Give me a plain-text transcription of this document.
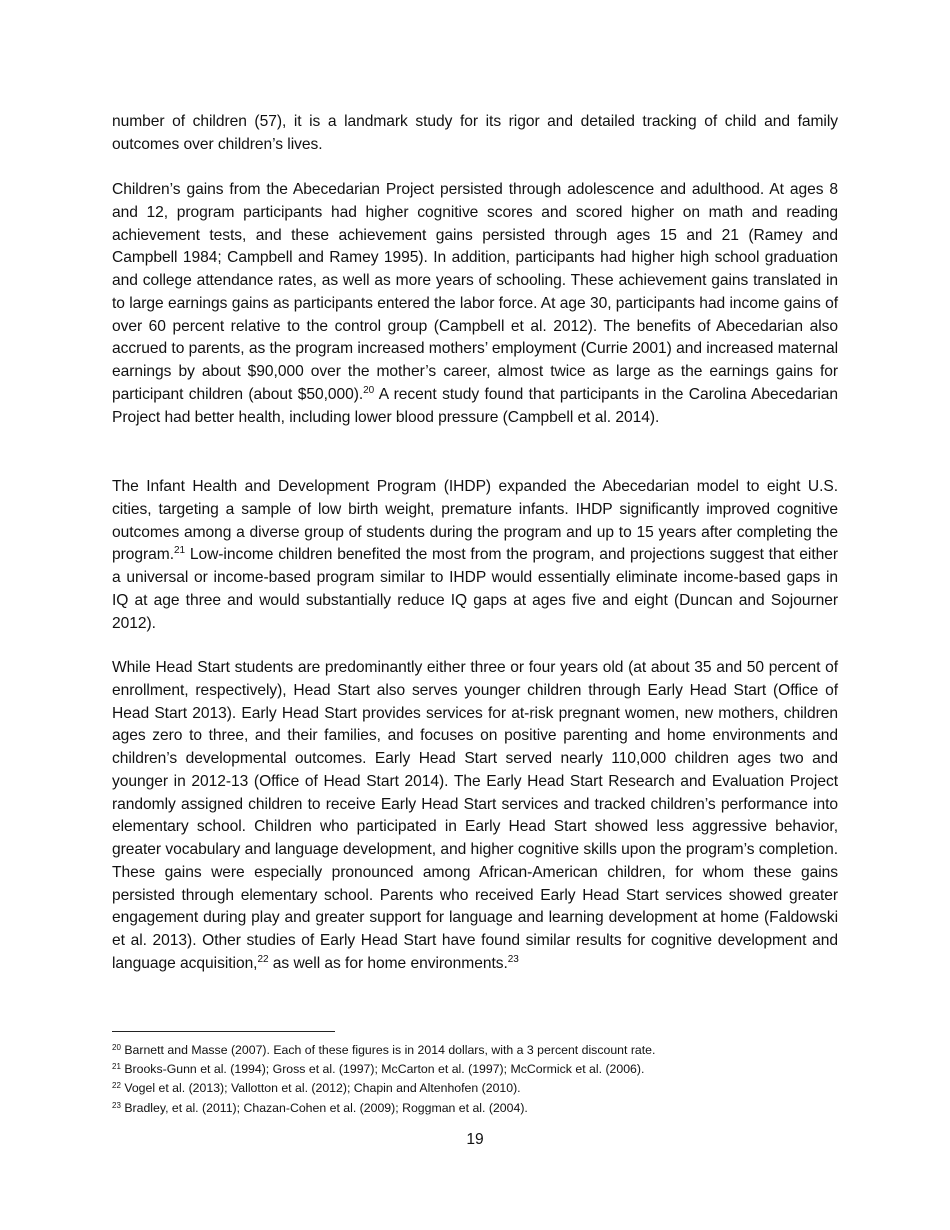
number of children (57), it is a landmark study for its rigor and detailed tracking of child and family outcomes over children’s lives.

Children’s gains from the Abecedarian Project persisted through adolescence and adulthood. At ages 8 and 12, program participants had higher cognitive scores and scored higher on math and reading achievement tests, and these achievement gains persisted through ages 15 and 21 (Ramey and Campbell 1984; Campbell and Ramey 1995). In addition, participants had higher high school graduation and college attendance rates, as well as more years of schooling. These achievement gains translated in to large earnings gains as participants entered the labor force. At age 30, participants had income gains of over 60 percent relative to the control group (Campbell et al. 2012). The benefits of Abecedarian also accrued to parents, as the program increased mothers’ employment (Currie 2001) and increased maternal earnings by about $90,000 over the mother’s career, almost twice as large as the earnings gains for participant children (about $50,000).$^{20}$ A recent study found that participants in the Carolina Abecedarian Project had better health, including lower blood pressure (Campbell et al. 2014).

The Infant Health and Development Program (IHDP) expanded the Abecedarian model to eight U.S. cities, targeting a sample of low birth weight, premature infants. IHDP significantly improved cognitive outcomes among a diverse group of students during the program and up to 15 years after completing the program.$^{21}$ Low-income children benefited the most from the program, and projections suggest that either a universal or income-based program similar to IHDP would essentially eliminate income-based gaps in IQ at age three and would substantially reduce IQ gaps at ages five and eight (Duncan and Sojourner 2012).

While Head Start students are predominantly either three or four years old (at about 35 and 50 percent of enrollment, respectively), Head Start also serves younger children through Early Head Start (Office of Head Start 2013). Early Head Start provides services for at-risk pregnant women, new mothers, children ages zero to three, and their families, and focuses on positive parenting and home environments and children’s developmental outcomes. Early Head Start served nearly 110,000 children ages two and younger in 2012-13 (Office of Head Start 2014). The Early Head Start Research and Evaluation Project randomly assigned children to receive Early Head Start services and tracked children’s performance into elementary school. Children who participated in Early Head Start showed less aggressive behavior, greater vocabulary and language development, and higher cognitive skills upon the program’s completion. These gains were especially pronounced among African-American children, for whom these gains persisted through elementary school. Parents who received Early Head Start services showed greater engagement during play and greater support for language and learning development at home (Faldowski et al. 2013). Other studies of Early Head Start have found similar results for cognitive development and language acquisition,$^{22}$ as well as for home environments.$^{23}$

$^{20}$ Barnett and Masse (2007). Each of these figures is in 2014 dollars, with a 3 percent discount rate.

$^{21}$ Brooks-Gunn et al. (1994); Gross et al. (1997); McCarton et al. (1997); McCormick et al. (2006).

$^{22}$ Vogel et al. (2013); Vallotton et al. (2012); Chapin and Altenhofen (2010).

$^{23}$ Bradley, et al. (2011); Chazan-Cohen et al. (2009); Roggman et al. (2004).

19
